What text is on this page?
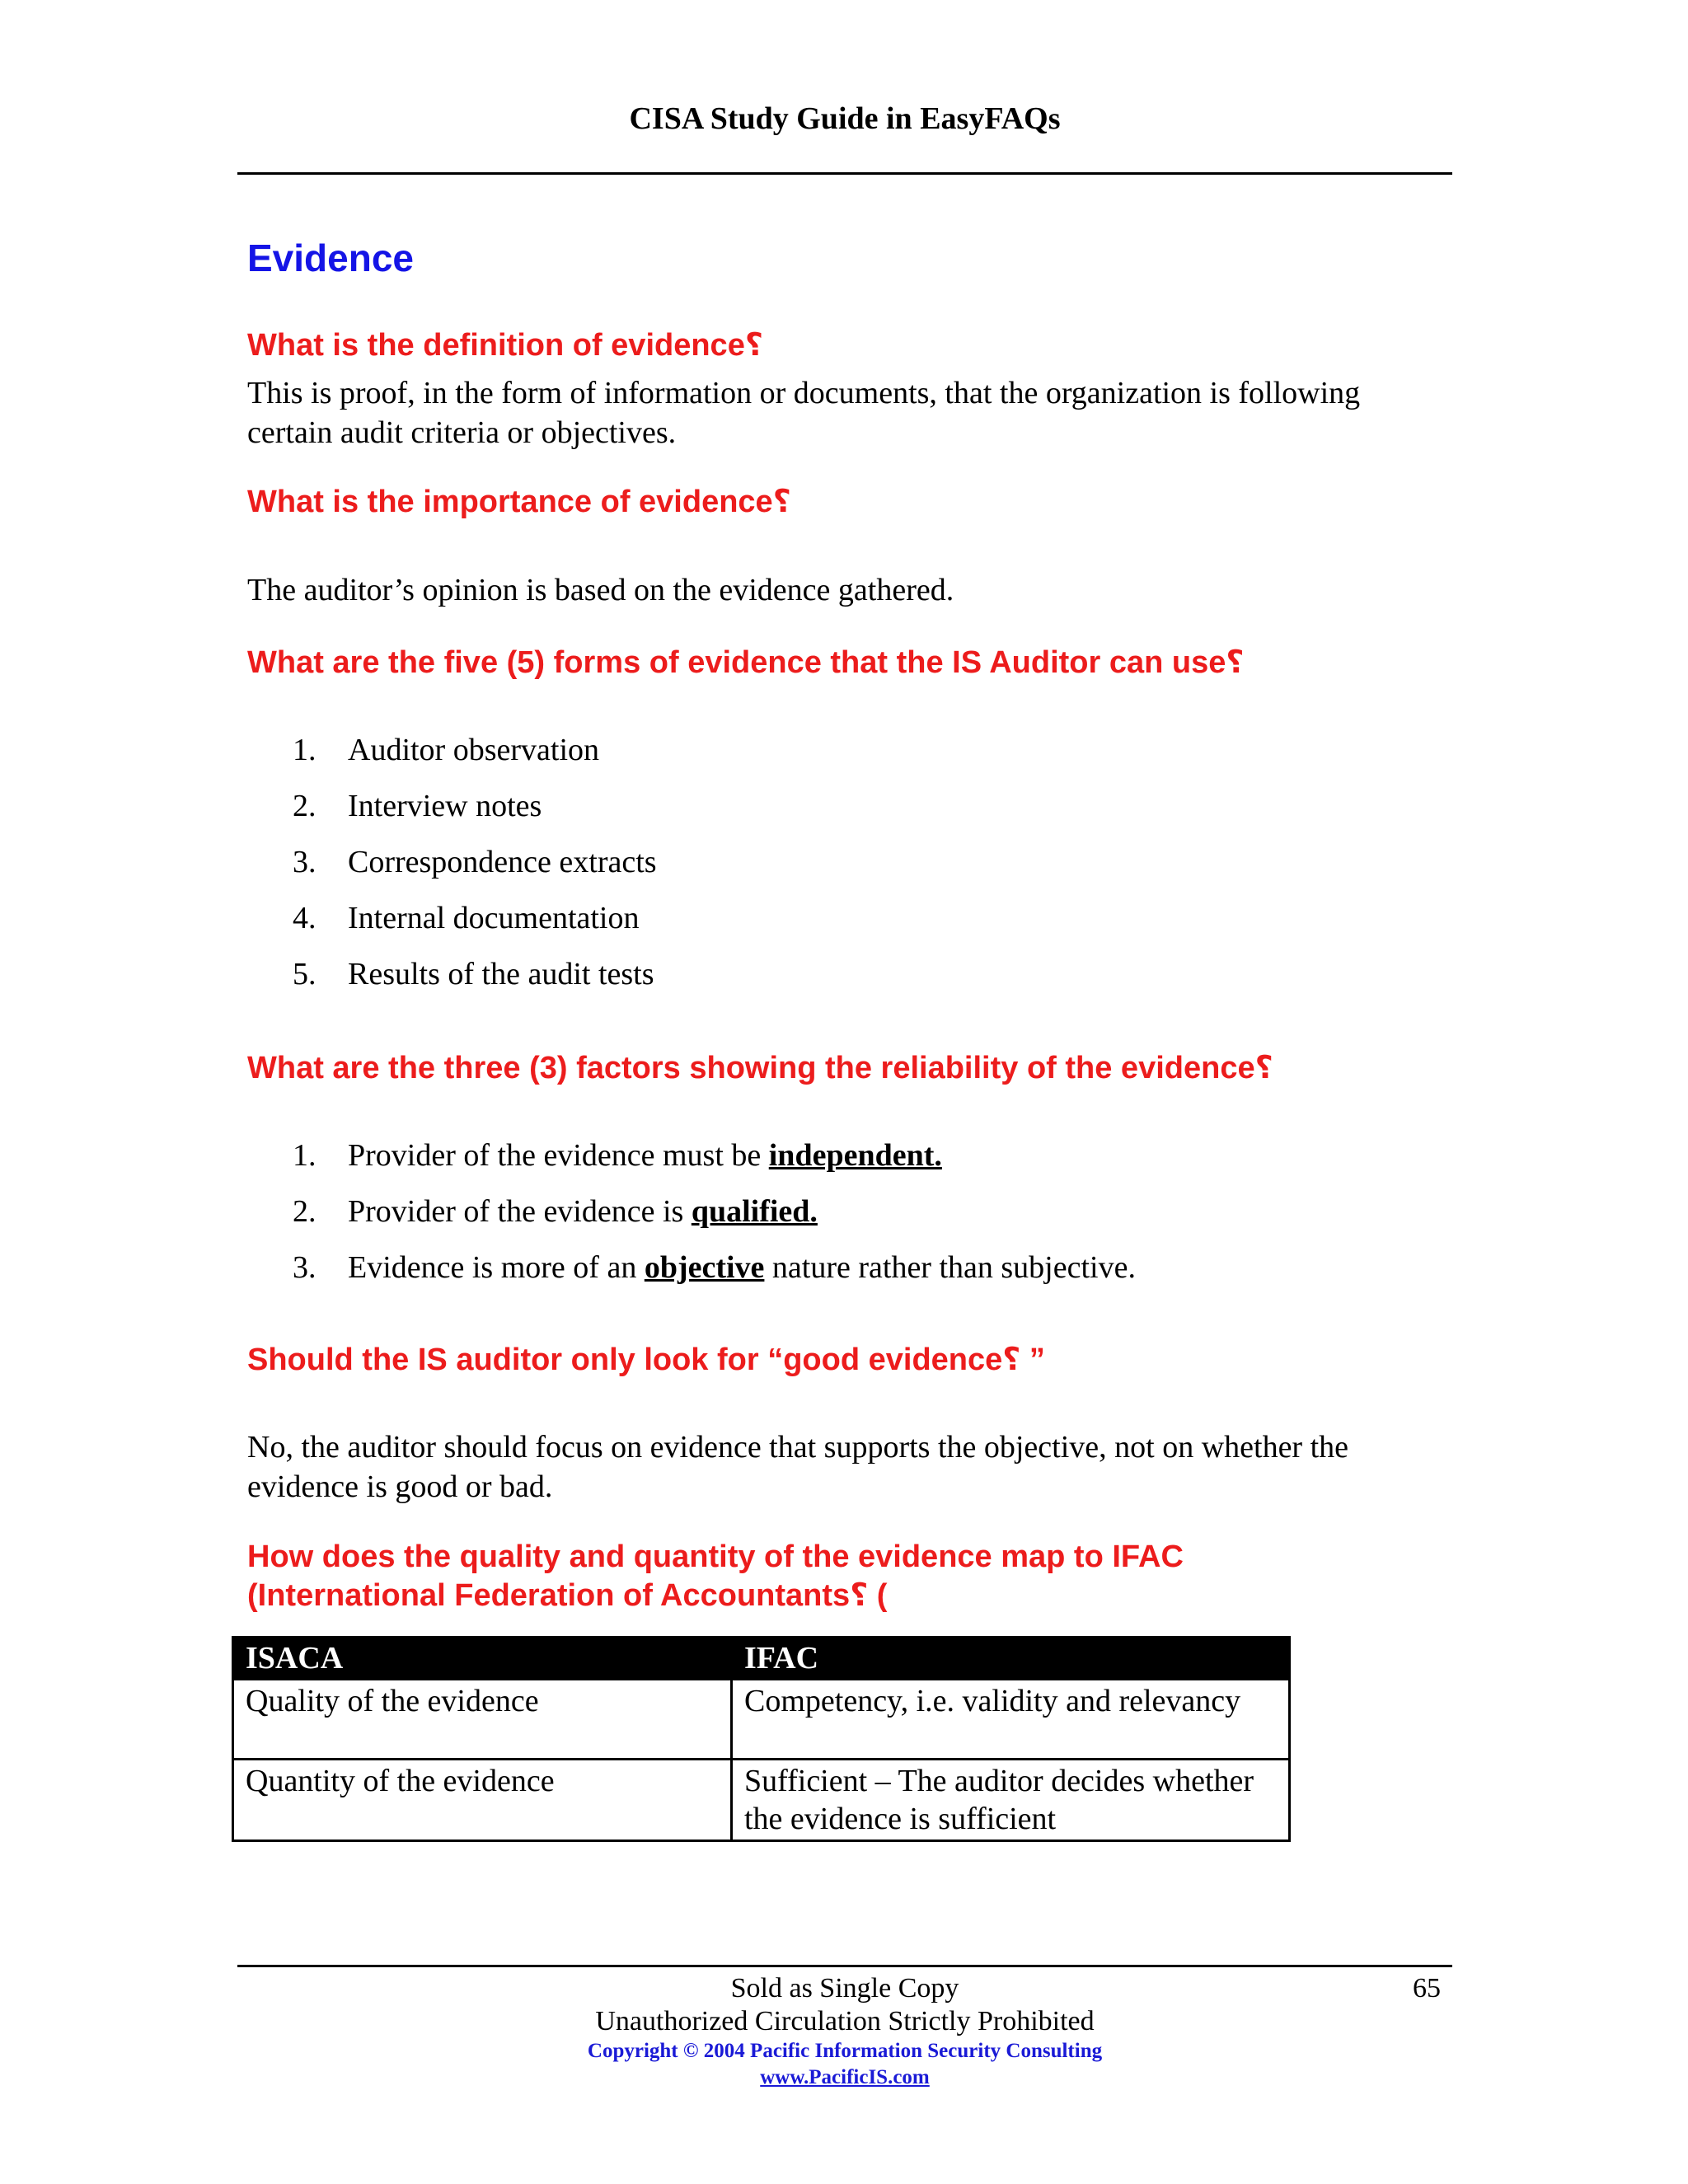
CISA Study Guide in EasyFAQs
Evidence
What is the definition of evidence؟
This is proof, in the form of information or documents, that the organization is following certain audit criteria or objectives.
What is the importance of evidence؟
The auditor’s opinion is based on the evidence gathered.
What are the five (5) forms of evidence that the IS Auditor can use؟
1. Auditor observation
2. Interview notes
3. Correspondence extracts
4. Internal documentation
5. Results of the audit tests
What are the three (3) factors showing the reliability of the evidence؟
1. Provider of the evidence must be independent.
2. Provider of the evidence is qualified.
3. Evidence is more of an objective nature rather than subjective.
Should the IS auditor only look for “good evidence؟ ”
No, the auditor should focus on evidence that supports the objective, not on whether the evidence is good or bad.
How does the quality and quantity of the evidence map to IFAC (International Federation of Accountants؟ (
ISACA	IFAC
Quality of the evidence	Competency, i.e. validity and relevancy
Quantity of the evidence	Sufficient – The auditor decides whether the evidence is sufficient
Sold as Single Copy
Unauthorized Circulation Strictly Prohibited
Copyright © 2004 Pacific Information Security Consulting
www.PacificIS.com
65
